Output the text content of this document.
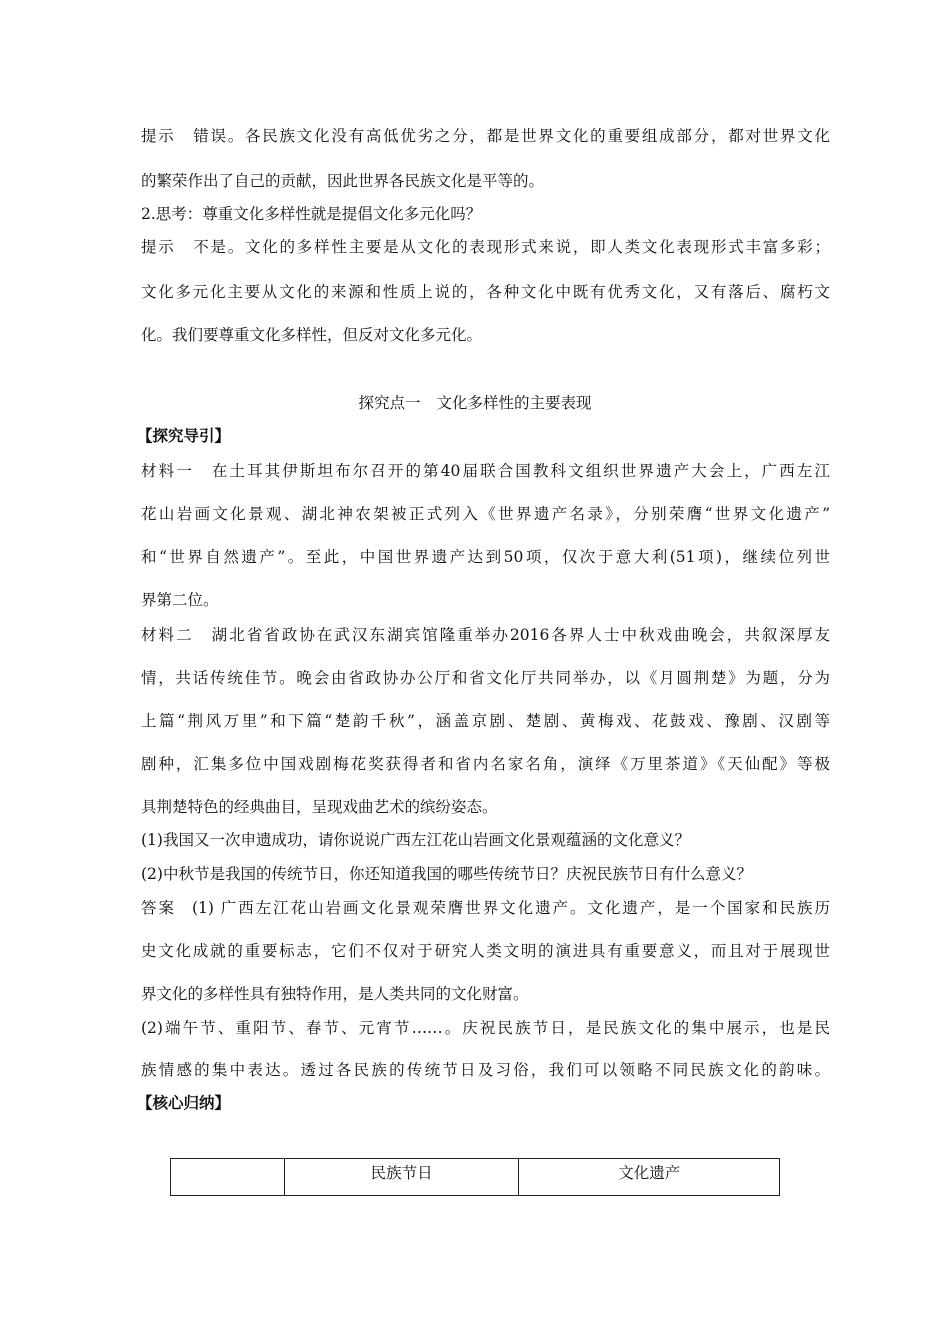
提示 错误。各民族文化没有高低优劣之分，都是世界文化的重要组成部分，都对世界文化
的繁荣作出了自己的贡献，因此世界各民族文化是平等的。
2.思考：尊重文化多样性就是提倡文化多元化吗？
提示 不是。文化的多样性主要是从文化的表现形式来说，即人类文化表现形式丰富多彩；
文化多元化主要从文化的来源和性质上说的，各种文化中既有优秀文化，又有落后、腐朽文
化。我们要尊重文化多样性，但反对文化多元化。
探究点一 文化多样性的主要表现
【探究导引】
材料一 在土耳其伊斯坦布尔召开的第40届联合国教科文组织世界遗产大会上，广西左江
花山岩画文化景观、湖北神农架被正式列入《世界遗产名录》，分别荣膺“世界文化遗产”
和“世界自然遗产”。至此，中国世界遗产达到50项，仅次于意大利(51项)，继续位列世
界第二位。
材料二 湖北省省政协在武汉东湖宾馆隆重举办2016各界人士中秋戏曲晚会，共叙深厚友
情，共话传统佳节。晚会由省政协办公厅和省文化厅共同举办，以《月圆荆楚》为题，分为
上篇“荆风万里”和下篇“楚韵千秋”，涵盖京剧、楚剧、黄梅戏、花鼓戏、豫剧、汉剧等
剧种，汇集多位中国戏剧梅花奖获得者和省内名家名角，演绎《万里茶道》《天仙配》等极
具荆楚特色的经典曲目，呈现戏曲艺术的缤纷姿态。
(1)我国又一次申遗成功，请你说说广西左江花山岩画文化景观蕴涵的文化意义？
(2)中秋节是我国的传统节日，你还知道我国的哪些传统节日？庆祝民族节日有什么意义？
答案 (1) 广西左江花山岩画文化景观荣膺世界文化遗产。文化遗产，是一个国家和民族历
史文化成就的重要标志，它们不仅对于研究人类文明的演进具有重要意义，而且对于展现世
界文化的多样性具有独特作用，是人类共同的文化财富。
(2)端午节、重阳节、春节、元宵节……。庆祝民族节日，是民族文化的集中展示，也是民
族情感的集中表达。透过各民族的传统节日及习俗，我们可以领略不同民族文化的韵味。
【核心归纳】
	民族节日	文化遗产
